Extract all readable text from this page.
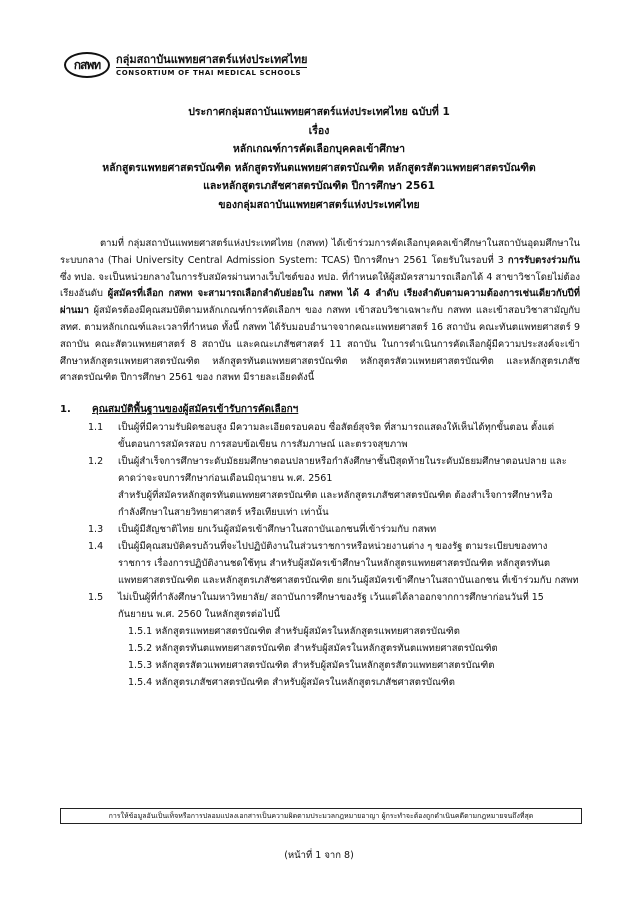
กสพท	กลุ่มสถาบันแพทยศาสตร์แห่งประเทศไทย
CONSORTIUM OF THAI MEDICAL SCHOOLS
ประกาศกลุ่มสถาบันแพทยศาสตร์แห่งประเทศไทย ฉบับที่ 1
เรื่อง
หลักเกณฑ์การคัดเลือกบุคคลเข้าศึกษา
หลักสูตรแพทยศาสตรบัณฑิต หลักสูตรทันตแพทยศาสตรบัณฑิต หลักสูตรสัตวแพทยศาสตรบัณฑิต
และหลักสูตรเภสัชศาสตรบัณฑิต ปีการศึกษา 2561
ของกลุ่มสถาบันแพทยศาสตร์แห่งประเทศไทย

ตามที่ กลุ่มสถาบันแพทยศาสตร์แห่งประเทศไทย (กสพท) ได้เข้าร่วมการคัดเลือกบุคคลเข้าศึกษาในสถาบันอุดมศึกษาในระบบกลาง (Thai University Central Admission System: TCAS) ปีการศึกษา 2561 โดยรับในรอบที่ 3 การรับตรงร่วมกัน ซึ่ง ทปอ. จะเป็นหน่วยกลางในการรับสมัครผ่านทางเว็บไซต์ของ ทปอ. ที่กำหนดให้ผู้สมัครสามารถเลือกได้ 4 สาขาวิชาโดยไม่ต้องเรียงอันดับ ผู้สมัครที่เลือก กสพท จะสามารถเลือกลำดับย่อยใน กสพท ได้ 4 ลำดับ เรียงลำดับตามความต้องการเช่นเดียวกับปีที่ผ่านมา ผู้สมัครต้องมีคุณสมบัติตามหลักเกณฑ์การคัดเลือกฯ ของ กสพท เข้าสอบวิชาเฉพาะกับ กสพท และเข้าสอบวิชาสามัญกับ สทศ. ตามหลักเกณฑ์และเวลาที่กำหนด ทั้งนี้ กสพท ได้รับมอบอำนาจจากคณะแพทยศาสตร์ 16 สถาบัน คณะทันตแพทยศาสตร์ 9 สถาบัน คณะสัตวแพทยศาสตร์ 8 สถาบัน และคณะเภสัชศาสตร์ 11 สถาบัน ในการดำเนินการคัดเลือกผู้มีความประสงค์จะเข้าศึกษาหลักสูตรแพทยศาสตรบัณฑิต หลักสูตรทันตแพทยศาสตรบัณฑิต หลักสูตรสัตวแพทยศาสตรบัณฑิต และหลักสูตรเภสัชศาสตรบัณฑิต ปีการศึกษา 2561 ของ กสพท มีรายละเอียดดังนี้

1.	คุณสมบัติพื้นฐานของผู้สมัครเข้ารับการคัดเลือกฯ
1.1	เป็นผู้ที่มีความรับผิดชอบสูง มีความละเอียดรอบคอบ ซื่อสัตย์สุจริต ที่สามารถแสดงให้เห็นได้ทุกขั้นตอน ตั้งแต่
ขั้นตอนการสมัครสอบ การสอบข้อเขียน การสัมภาษณ์ และตรวจสุขภาพ
1.2	เป็นผู้สำเร็จการศึกษาระดับมัธยมศึกษาตอนปลายหรือกำลังศึกษาชั้นปีสุดท้ายในระดับมัธยมศึกษาตอนปลาย และ
คาดว่าจะจบการศึกษาก่อนเดือนมิถุนายน พ.ศ. 2561
สำหรับผู้ที่สมัครหลักสูตรทันตแพทยศาสตรบัณฑิต และหลักสูตรเภสัชศาสตรบัณฑิต ต้องสำเร็จการศึกษาหรือ
กำลังศึกษาในสายวิทยาศาสตร์ หรือเทียบเท่า เท่านั้น
1.3	เป็นผู้มีสัญชาติไทย ยกเว้นผู้สมัครเข้าศึกษาในสถาบันเอกชนที่เข้าร่วมกับ กสพท
1.4	เป็นผู้มีคุณสมบัติครบถ้วนที่จะไปปฏิบัติงานในส่วนราชการหรือหน่วยงานต่าง ๆ ของรัฐ ตามระเบียบของทาง
ราชการ เรื่องการปฏิบัติงานชดใช้ทุน สำหรับผู้สมัครเข้าศึกษาในหลักสูตรแพทยศาสตรบัณฑิต หลักสูตรทันต
แพทยศาสตรบัณฑิต และหลักสูตรเภสัชศาสตรบัณฑิต ยกเว้นผู้สมัครเข้าศึกษาในสถาบันเอกชน ที่เข้าร่วมกับ กสพท
1.5	ไม่เป็นผู้ที่กำลังศึกษาในมหาวิทยาลัย/ สถาบันการศึกษาของรัฐ เว้นแต่ได้ลาออกจากการศึกษาก่อนวันที่ 15
กันยายน พ.ศ. 2560 ในหลักสูตรต่อไปนี้
1.5.1 หลักสูตรแพทยศาสตรบัณฑิต สำหรับผู้สมัครในหลักสูตรแพทยศาสตรบัณฑิต
1.5.2 หลักสูตรทันตแพทยศาสตรบัณฑิต สำหรับผู้สมัครในหลักสูตรทันตแพทยศาสตรบัณฑิต
1.5.3 หลักสูตรสัตวแพทยศาสตรบัณฑิต สำหรับผู้สมัครในหลักสูตรสัตวแพทยศาสตรบัณฑิต
1.5.4 หลักสูตรเภสัชศาสตรบัณฑิต สำหรับผู้สมัครในหลักสูตรเภสัชศาสตรบัณฑิต
การให้ข้อมูลอันเป็นเท็จหรือการปลอมแปลงเอกสารเป็นความผิดตามประมวลกฎหมายอาญา ผู้กระทำจะต้องถูกดำเนินคดีตามกฎหมายจนถึงที่สุด
(หน้าที่ 1 จาก 8)
